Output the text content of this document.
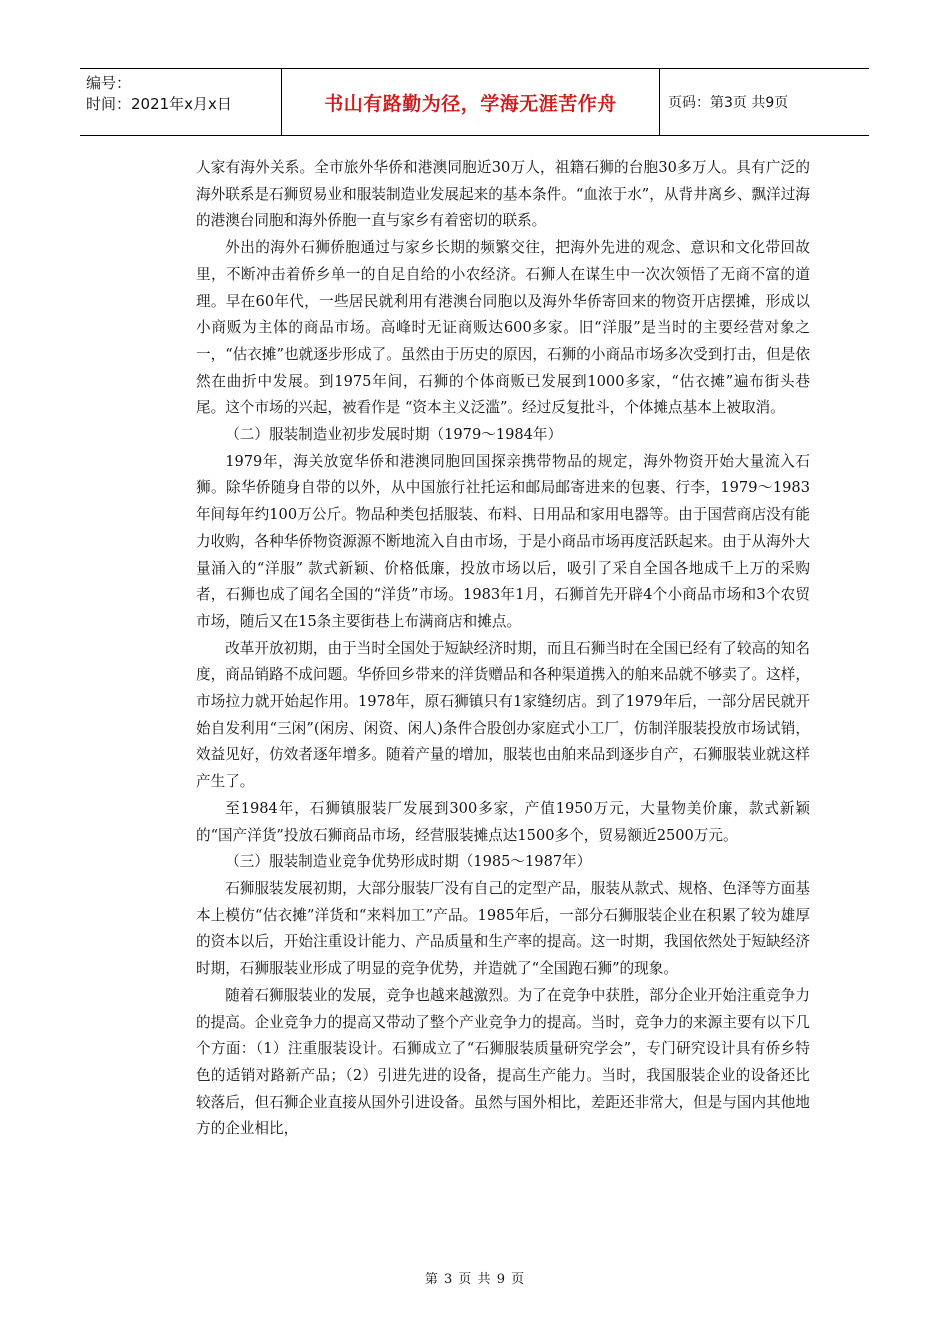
编号：
时间：2021年x月x日	书山有路勤为径，学海无涯苦作舟	页码：第3页 共9页

人家有海外关系。全市旅外华侨和港澳同胞近30万人，祖籍石狮的台胞30多万人。具有广泛的海外联系是石狮贸易业和服装制造业发展起来的基本条件。“血浓于水”，从背井离乡、飘洋过海的港澳台同胞和海外侨胞一直与家乡有着密切的联系。

外出的海外石狮侨胞通过与家乡长期的频繁交往，把海外先进的观念、意识和文化带回故里，不断冲击着侨乡单一的自足自给的小农经济。石狮人在谋生中一次次领悟了无商不富的道理。早在60年代，一些居民就利用有港澳台同胞以及海外华侨寄回来的物资开店摆摊，形成以小商贩为主体的商品市场。高峰时无证商贩达600多家。旧“洋服”是当时的主要经营对象之一，“估衣摊”也就逐步形成了。虽然由于历史的原因，石狮的小商品市场多次受到打击，但是依然在曲折中发展。到1975年间，石狮的个体商贩已发展到1000多家，“估衣摊”遍布街头巷尾。这个市场的兴起，被看作是 “资本主义泛滥”。经过反复批斗，个体摊点基本上被取消。

（二）服装制造业初步发展时期（1979～1984年）

1979年，海关放宽华侨和港澳同胞回国探亲携带物品的规定，海外物资开始大量流入石狮。除华侨随身自带的以外，从中国旅行社托运和邮局邮寄进来的包裹、行李，1979～1983年间每年约100万公斤。物品种类包括服装、布料、日用品和家用电器等。由于国营商店没有能力收购，各种华侨物资源源不断地流入自由市场，于是小商品市场再度活跃起来。由于从海外大量涌入的“洋服” 款式新颖、价格低廉，投放市场以后，吸引了采自全国各地成千上万的采购者，石狮也成了闻名全国的“洋货”市场。1983年1月，石狮首先开辟4个小商品市场和3个农贸市场，随后又在15条主要街巷上布满商店和摊点。

改革开放初期，由于当时全国处于短缺经济时期，而且石狮当时在全国已经有了较高的知名度，商品销路不成问题。华侨回乡带来的洋货赠品和各种渠道携入的舶来品就不够卖了。这样，市场拉力就开始起作用。1978年，原石狮镇只有1家缝纫店。到了1979年后，一部分居民就开始自发利用“三闲”(闲房、闲资、闲人)条件合股创办家庭式小工厂，仿制洋服装投放市场试销，效益见好，仿效者逐年增多。随着产量的增加，服装也由舶来品到逐步自产，石狮服装业就这样产生了。

至1984年，石狮镇服装厂发展到300多家，产值1950万元，大量物美价廉，款式新颖的“国产洋货”投放石狮商品市场，经营服装摊点达1500多个，贸易额近2500万元。

（三）服装制造业竞争优势形成时期（1985～1987年）

石狮服装发展初期，大部分服装厂没有自己的定型产品，服装从款式、规格、色泽等方面基本上模仿“估衣摊”洋货和“来料加工”产品。1985年后，一部分石狮服装企业在积累了较为雄厚的资本以后，开始注重设计能力、产品质量和生产率的提高。这一时期，我国依然处于短缺经济时期，石狮服装业形成了明显的竞争优势，并造就了“全国跑石狮”的现象。

随着石狮服装业的发展，竞争也越来越激烈。为了在竞争中获胜，部分企业开始注重竞争力的提高。企业竞争力的提高又带动了整个产业竞争力的提高。当时，竞争力的来源主要有以下几个方面：（1）注重服装设计。石狮成立了“石狮服装质量研究学会”，专门研究设计具有侨乡特色的适销对路新产品；（2）引进先进的设备，提高生产能力。当时，我国服装企业的设备还比较落后，但石狮企业直接从国外引进设备。虽然与国外相比，差距还非常大，但是与国内其他地方的企业相比，

第 3 页 共 9 页
